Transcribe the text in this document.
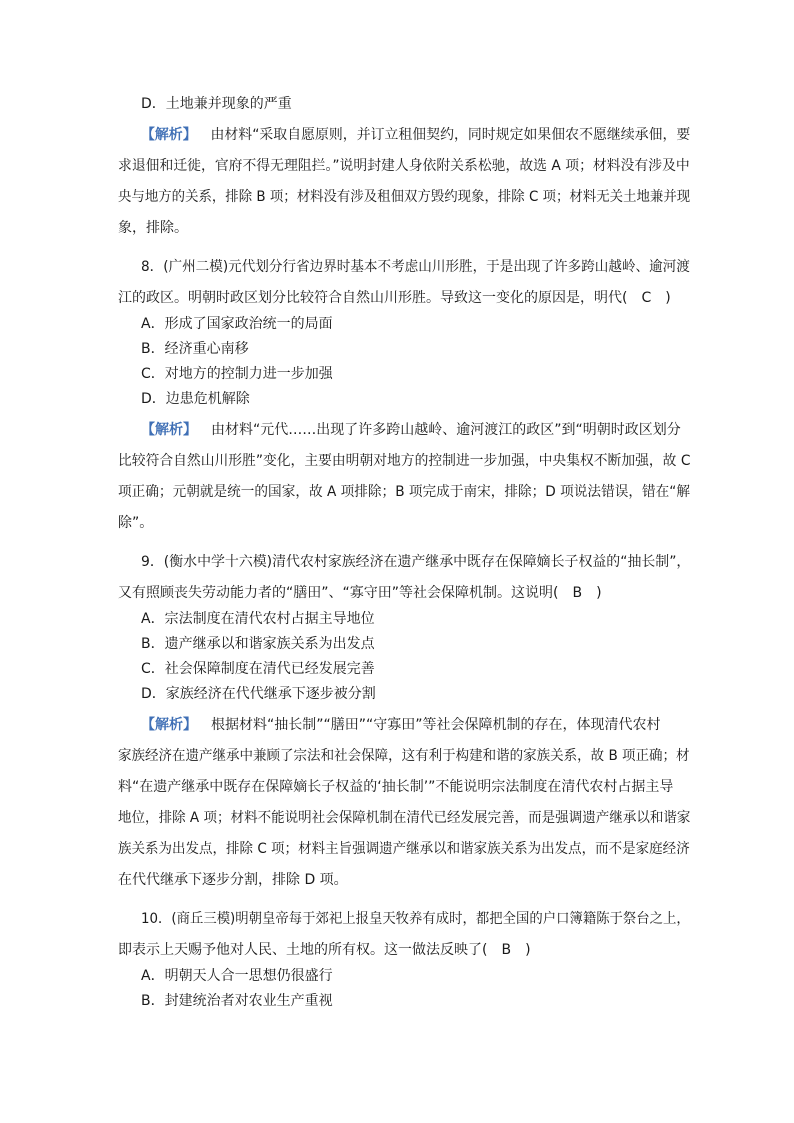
D．土地兼并现象的严重
【解析】 由材料“采取自愿原则，并订立租佃契约，同时规定如果佃农不愿继续承佃，要
求退佃和迁徙，官府不得无理阻拦。”说明封建人身依附关系松驰，故选 A 项；材料没有涉及中
央与地方的关系，排除 B 项；材料没有涉及租佃双方毁约现象，排除 C 项；材料无关土地兼并现
象，排除。
8．(广州二模)元代划分行省边界时基本不考虑山川形胜，于是出现了许多跨山越岭、逾河渡
江的政区。明朝时政区划分比较符合自然山川形胜。导致这一变化的原因是，明代(　C　)
A．形成了国家政治统一的局面
B．经济重心南移
C．对地方的控制力进一步加强
D．边患危机解除
【解析】 由材料“元代……出现了许多跨山越岭、逾河渡江的政区”到“明朝时政区划分
比较符合自然山川形胜”变化，主要由明朝对地方的控制进一步加强，中央集权不断加强，故 C
项正确；元朝就是统一的国家，故 A 项排除；B 项完成于南宋，排除；D 项说法错误，错在“解
除”。
9．(衡水中学十六模)清代农村家族经济在遗产继承中既存在保障嫡长子权益的“抽长制”，
又有照顾丧失劳动能力者的“膳田”、“寡守田”等社会保障机制。这说明(　B　)
A．宗法制度在清代农村占据主导地位
B．遗产继承以和谐家族关系为出发点
C．社会保障制度在清代已经发展完善
D．家族经济在代代继承下逐步被分割
【解析】 根据材料“抽长制”“膳田”“守寡田”等社会保障机制的存在，体现清代农村
家族经济在遗产继承中兼顾了宗法和社会保障，这有利于构建和谐的家族关系，故 B 项正确；材
料“在遗产继承中既存在保障嫡长子权益的‘抽长制’”不能说明宗法制度在清代农村占据主导
地位，排除 A 项；材料不能说明社会保障机制在清代已经发展完善，而是强调遗产继承以和谐家
族关系为出发点，排除 C 项；材料主旨强调遗产继承以和谐家族关系为出发点，而不是家庭经济
在代代继承下逐步分割，排除 D 项。
10．(商丘三模)明朝皇帝每于郊祀上报皇天牧养有成时，都把全国的户口簿籍陈于祭台之上，
即表示上天赐予他对人民、土地的所有权。这一做法反映了(　B　)
A．明朝天人合一思想仍很盛行
B．封建统治者对农业生产重视
